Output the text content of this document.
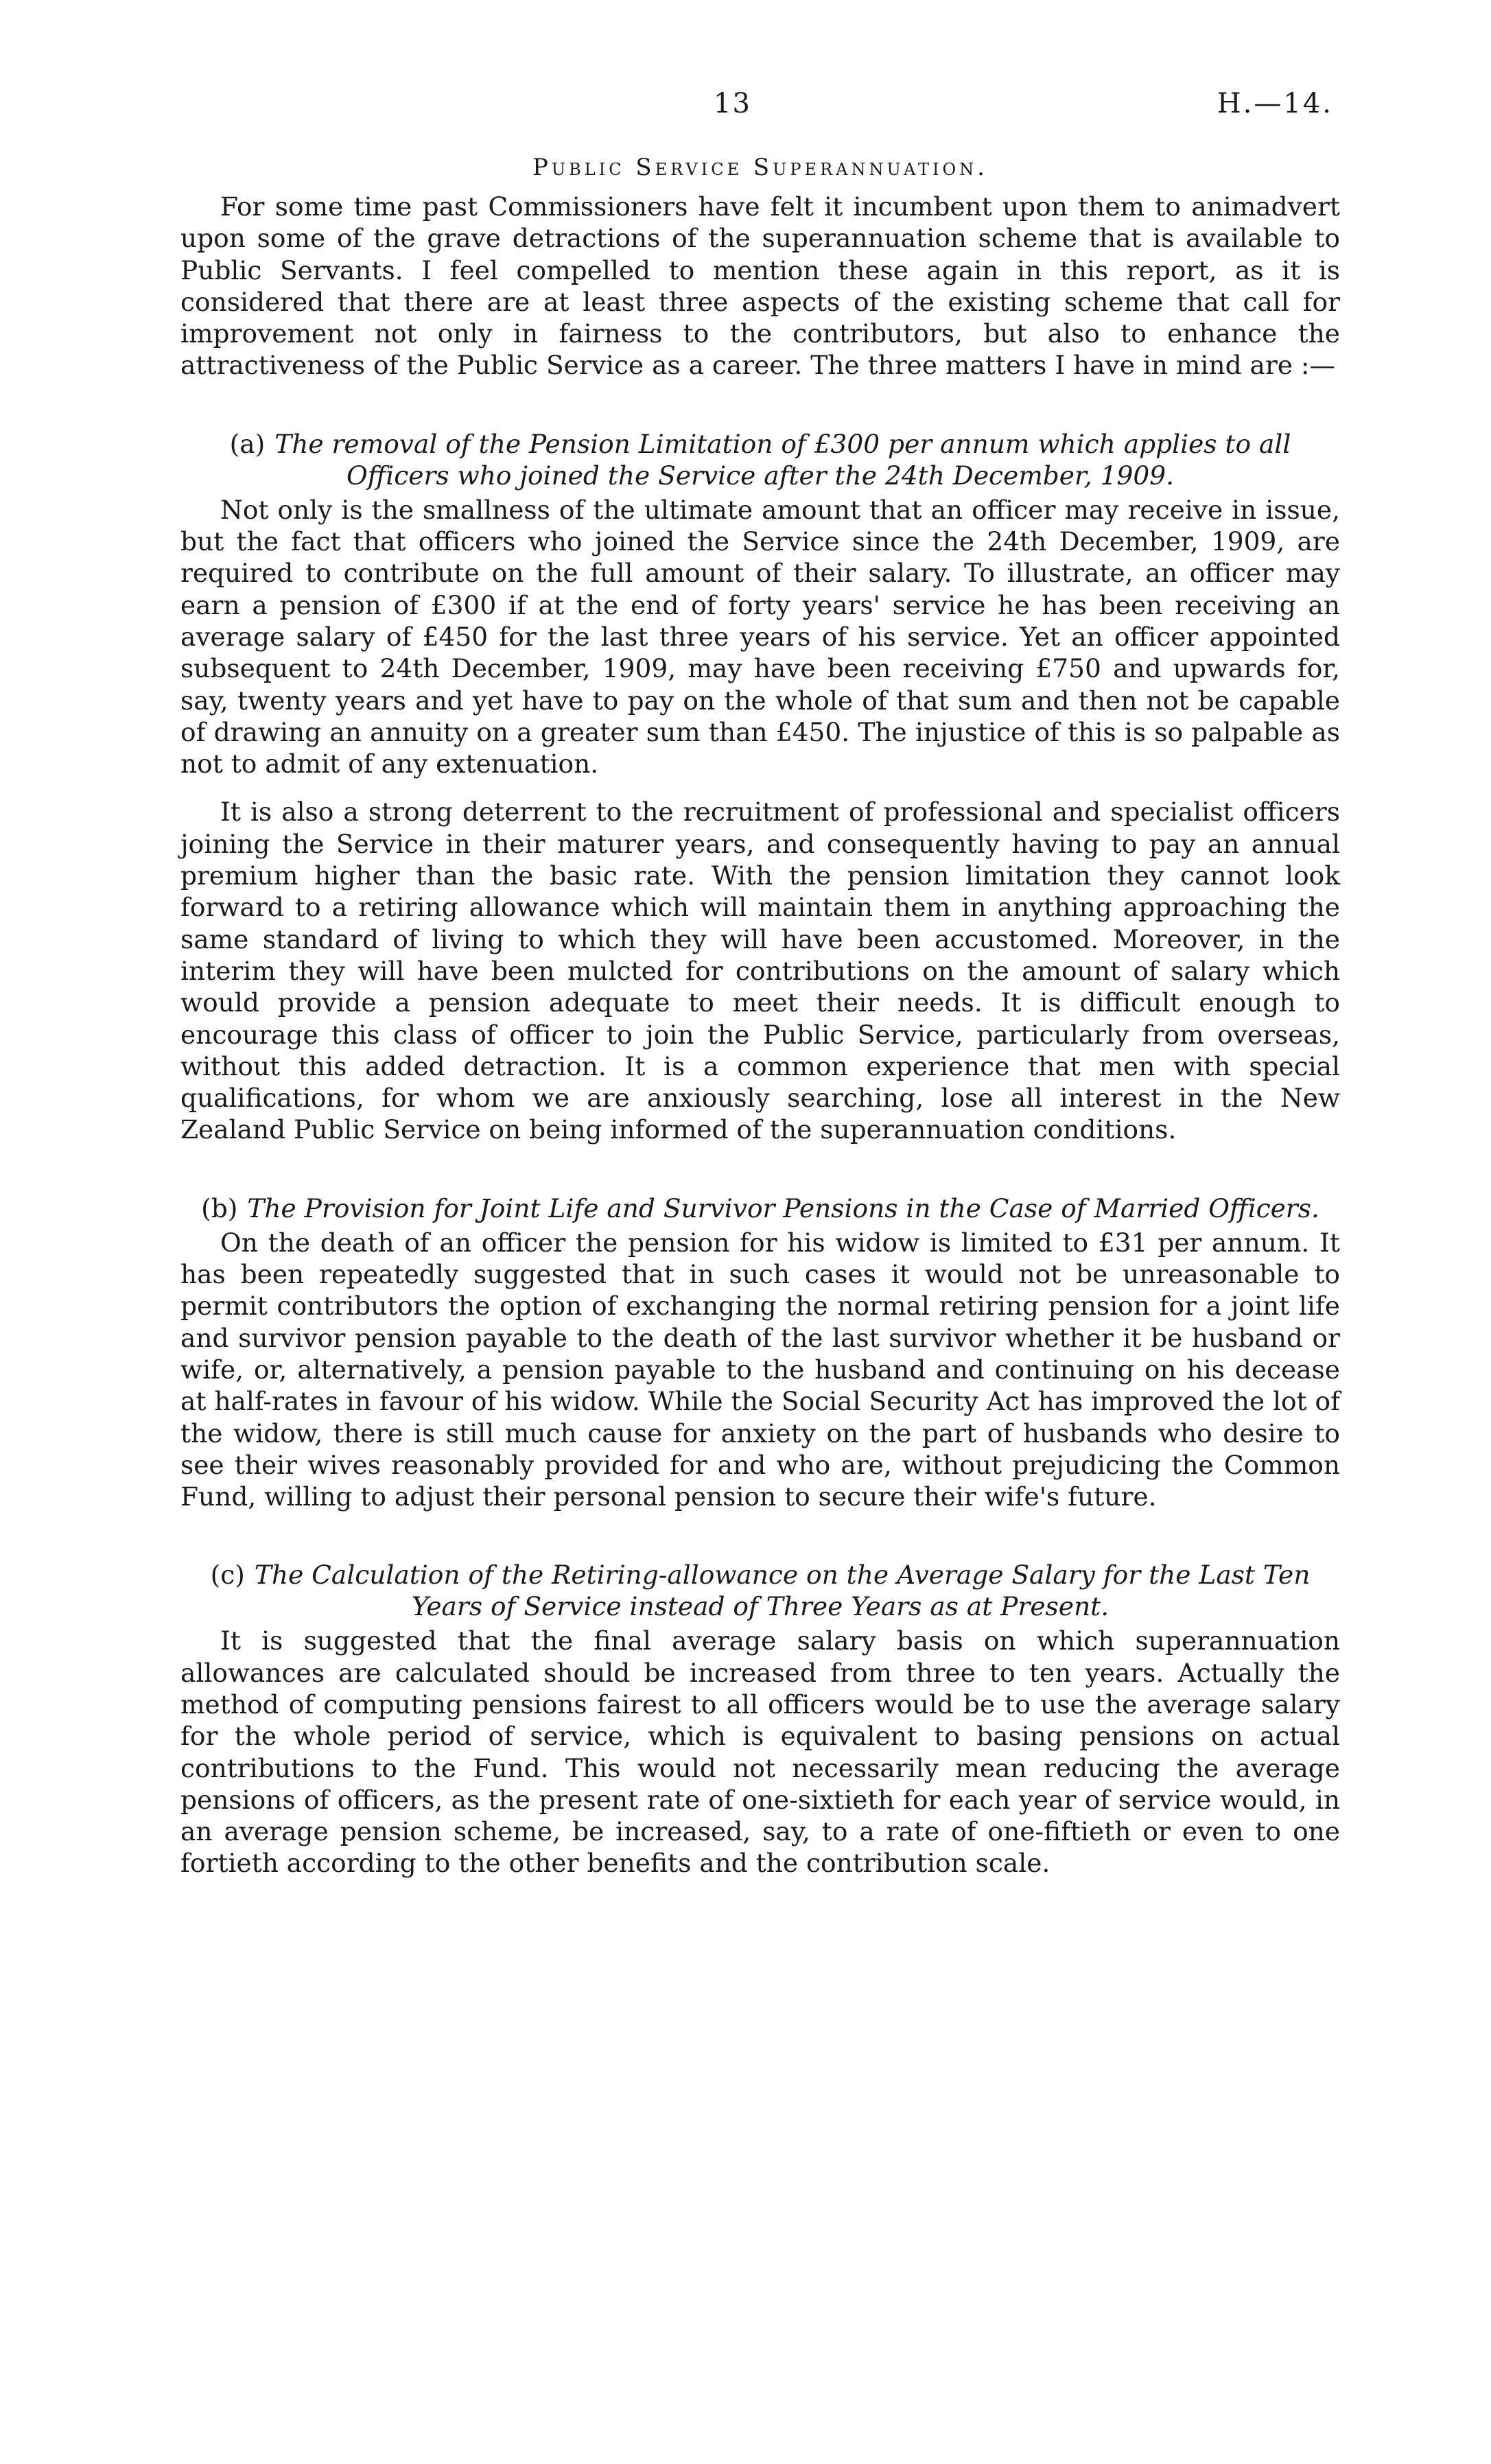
13	H.—14.
Public Service Superannuation.

For some time past Commissioners have felt it incumbent upon them to animadvert upon some of the grave detractions of the superannuation scheme that is available to Public Servants. I feel compelled to mention these again in this report, as it is considered that there are at least three aspects of the existing scheme that call for improvement not only in fairness to the contributors, but also to enhance the attractiveness of the Public Service as a career. The three matters I have in mind are :—

(a) The removal of the Pension Limitation of £300 per annum which applies to all Officers who joined the Service after the 24th December, 1909.

Not only is the smallness of the ultimate amount that an officer may receive in issue, but the fact that officers who joined the Service since the 24th December, 1909, are required to contribute on the full amount of their salary. To illustrate, an officer may earn a pension of £300 if at the end of forty years' service he has been receiving an average salary of £450 for the last three years of his service. Yet an officer appointed subsequent to 24th December, 1909, may have been receiving £750 and upwards for, say, twenty years and yet have to pay on the whole of that sum and then not be capable of drawing an annuity on a greater sum than £450. The injustice of this is so palpable as not to admit of any extenuation.

It is also a strong deterrent to the recruitment of professional and specialist officers joining the Service in their maturer years, and consequently having to pay an annual premium higher than the basic rate. With the pension limitation they cannot look forward to a retiring allowance which will maintain them in anything approaching the same standard of living to which they will have been accustomed. Moreover, in the interim they will have been mulcted for contributions on the amount of salary which would provide a pension adequate to meet their needs. It is difficult enough to encourage this class of officer to join the Public Service, particularly from overseas, without this added detraction. It is a common experience that men with special qualifications, for whom we are anxiously searching, lose all interest in the New Zealand Public Service on being informed of the superannuation conditions.

(b) The Provision for Joint Life and Survivor Pensions in the Case of Married Officers.

On the death of an officer the pension for his widow is limited to £31 per annum. It has been repeatedly suggested that in such cases it would not be unreasonable to permit contributors the option of exchanging the normal retiring pension for a joint life and survivor pension payable to the death of the last survivor whether it be husband or wife, or, alternatively, a pension payable to the husband and continuing on his decease at half-rates in favour of his widow. While the Social Security Act has improved the lot of the widow, there is still much cause for anxiety on the part of husbands who desire to see their wives reasonably provided for and who are, without prejudicing the Common Fund, willing to adjust their personal pension to secure their wife's future.

(c) The Calculation of the Retiring-allowance on the Average Salary for the Last Ten Years of Service instead of Three Years as at Present.

It is suggested that the final average salary basis on which superannuation allowances are calculated should be increased from three to ten years. Actually the method of computing pensions fairest to all officers would be to use the average salary for the whole period of service, which is equivalent to basing pensions on actual contributions to the Fund. This would not necessarily mean reducing the average pensions of officers, as the present rate of one-sixtieth for each year of service would, in an average pension scheme, be increased, say, to a rate of one-fiftieth or even to one fortieth according to the other benefits and the contribution scale.
